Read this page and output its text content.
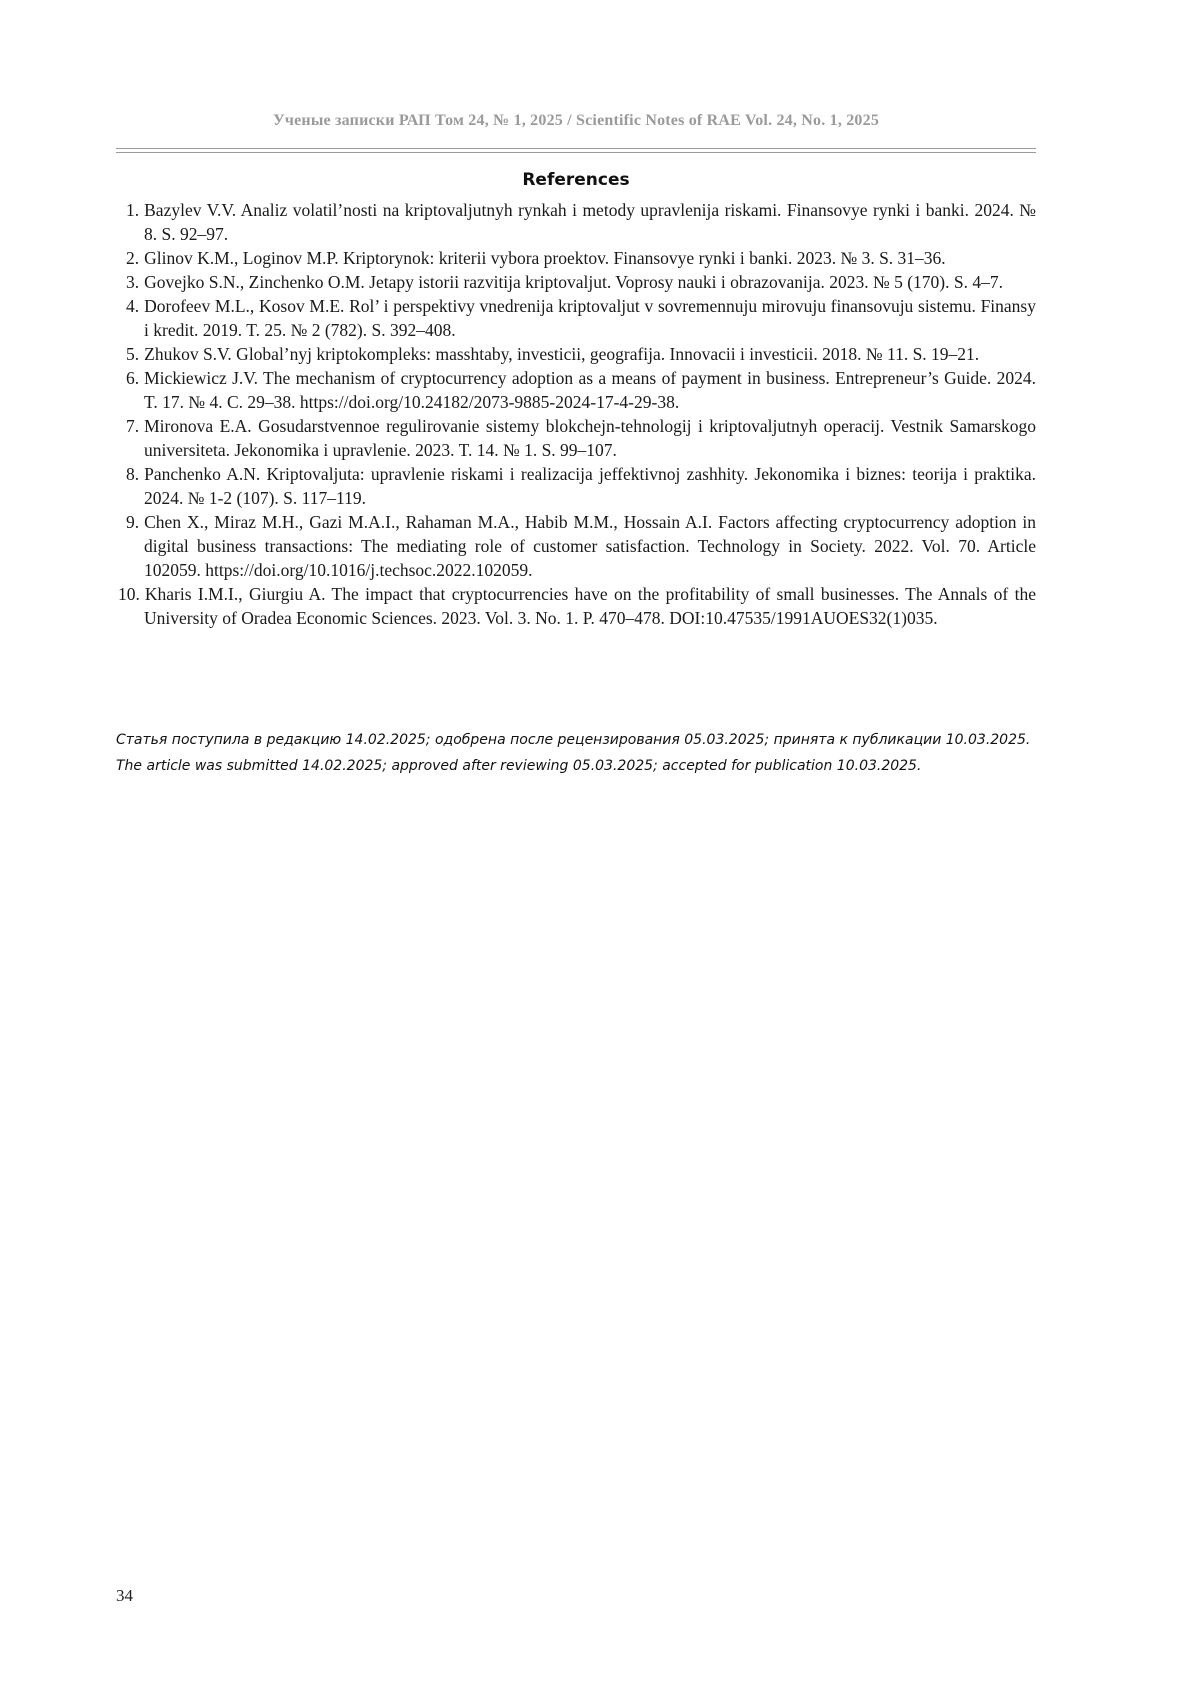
Ученые записки РАП Том 24, № 1, 2025 / Scientific Notes of RAE Vol. 24, No. 1, 2025
References
1. Bazylev V.V. Analiz volatil’nosti na kriptovaljutnyh rynkah i metody upravlenija riskami. Finansovye rynki i banki. 2024. № 8. S. 92–97.
2. Glinov K.M., Loginov M.P. Kriptorynok: kriterii vybora proektov. Finansovye rynki i banki. 2023. № 3. S. 31–36.
3. Govejko S.N., Zinchenko O.M. Jetapy istorii razvitija kriptovaljut. Voprosy nauki i obrazovanija. 2023. № 5 (170). S. 4–7.
4. Dorofeev M.L., Kosov M.E. Rol’ i perspektivy vnedrenija kriptovaljut v sovremennuju mirovuju finansovuju sistemu. Finansy i kredit. 2019. T. 25. № 2 (782). S. 392–408.
5. Zhukov S.V. Global’nyj kriptokompleks: masshtaby, investicii, geografija. Innovacii i investicii. 2018. № 11. S. 19–21.
6. Mickiewicz J.V. The mechanism of cryptocurrency adoption as a means of payment in business. Entrepreneur’s Guide. 2024. T. 17. № 4. C. 29–38. https://doi.org/10.24182/2073-9885-2024-17-4-29-38.
7. Mironova E.A. Gosudarstvennoe regulirovanie sistemy blokchejn-tehnologij i kriptovaljutnyh operacij. Vestnik Samarskogo universiteta. Jekonomika i upravlenie. 2023. T. 14. № 1. S. 99–107.
8. Panchenko A.N. Kriptovaljuta: upravlenie riskami i realizacija jeffektivnoj zashhity. Jekonomika i biznes: teorija i praktika. 2024. № 1-2 (107). S. 117–119.
9. Chen X., Miraz M.H., Gazi M.A.I., Rahaman M.A., Habib M.M., Hossain A.I. Factors affecting cryptocurrency adoption in digital business transactions: The mediating role of customer satisfaction. Technology in Society. 2022. Vol. 70. Article 102059. https://doi.org/10.1016/j.techsoc.2022.102059.
10. Kharis I.M.I., Giurgiu A. The impact that cryptocurrencies have on the profitability of small businesses. The Annals of the University of Oradea Economic Sciences. 2023. Vol. 3. No. 1. P. 470–478. DOI:10.47535/1991AUOES32(1)035.

Статья поступила в редакцию 14.02.2025; одобрена после рецензирования 05.03.2025; принята к публикации 10.03.2025.

The article was submitted 14.02.2025; approved after reviewing 05.03.2025; accepted for publication 10.03.2025.

34
